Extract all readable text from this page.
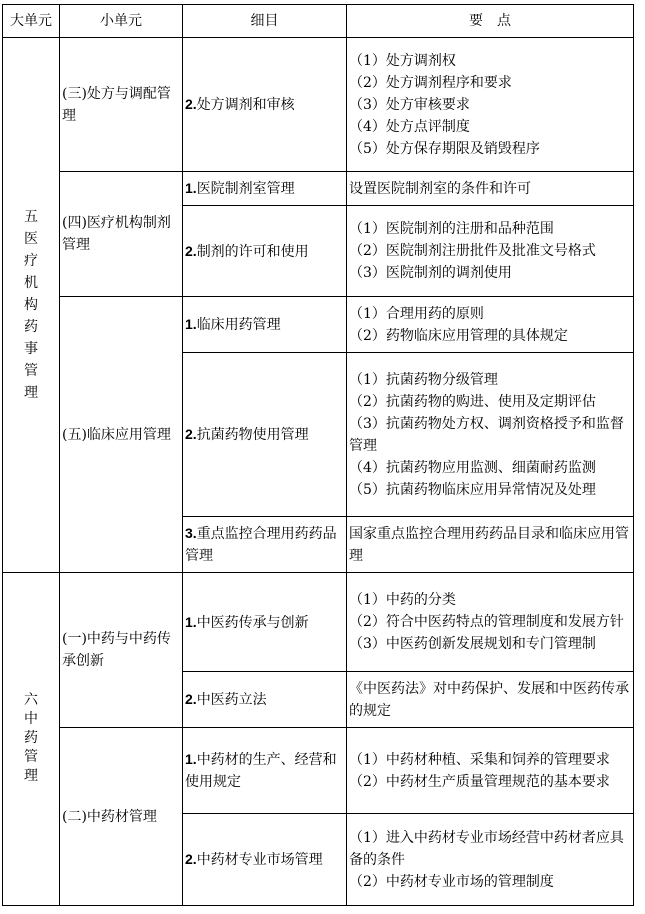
大单元	小单元	细目	要　点
五医疗机构药事管理	(三)处方与调配管理	2.处方调剂和审核	（1）处方调剂权
（2）处方调剂程序和要求
（3）处方审核要求
（4）处方点评制度
（5）处方保存期限及销毁程序

	(四)医疗机构制剂管理	1.医院制剂室管理	设置医院制剂室的条件和许可

		2.制剂的许可和使用	（1）医院制剂的注册和品种范围
（2）医院制剂注册批件及批准文号格式
（3）医院制剂的调剂使用

	(五)临床应用管理	1.临床用药管理	（1）合理用药的原则
（2）药物临床应用管理的具体规定

		2.抗菌药物使用管理	（1）抗菌药物分级管理
（2）抗菌药物的购进、使用及定期评估
（3）抗菌药物处方权、调剂资格授予和监督管理
（4）抗菌药物应用监测、细菌耐药监测
（5）抗菌药物临床应用异常情况及处理

		3.重点监控合理用药药品管理	国家重点监控合理用药药品目录和临床应用管理

六中药管理	(一)中药与中药传承创新	1.中医药传承与创新	（1）中药的分类
（2）符合中医药特点的管理制度和发展方针
（3）中医药创新发展规划和专门管理制

		2.中医药立法	《中医药法》对中药保护、发展和中医药传承的规定

	(二)中药材管理	1.中药材的生产、经营和使用规定	（1）中药材种植、采集和饲养的管理要求
（2）中药材生产质量管理规范的基本要求

		2.中药材专业市场管理	（1）进入中药材专业市场经营中药材者应具备的条件
（2）中药材专业市场的管理制度
